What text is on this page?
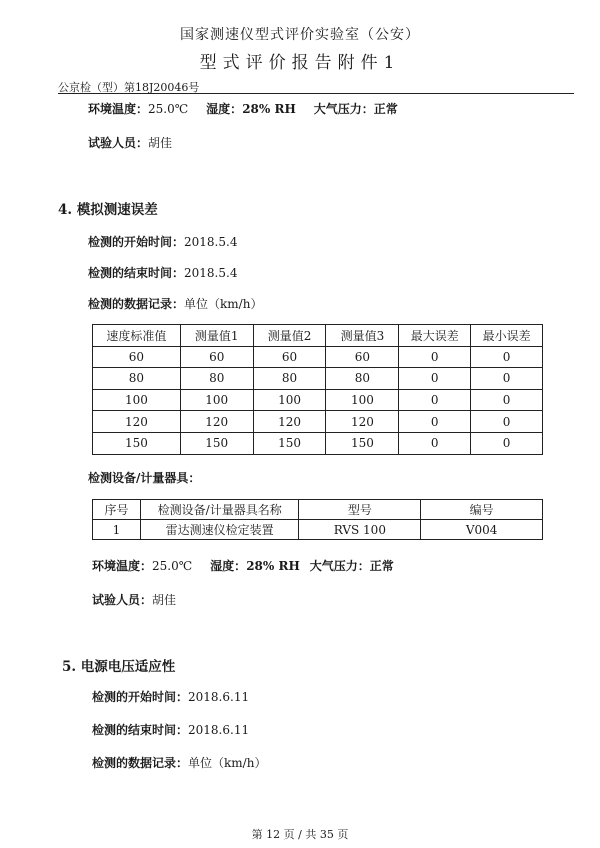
国家测速仪型式评价实验室（公安）
型式评价报告附件1
公京检（型）第18J20046号
环境温度：25.0℃ 湿度：28% RH 大气压力：正常
试验人员：胡佳
4. 模拟测速误差
检测的开始时间：2018.5.4
检测的结束时间：2018.5.4
检测的数据记录：单位（km/h）
速度标准值	测量值1	测量值2	测量值3	最大误差	最小误差
60	60	60	60	0	0
80	80	80	80	0	0
100	100	100	100	0	0
120	120	120	120	0	0
150	150	150	150	0	0
检测设备/计量器具：
序号	检测设备/计量器具名称	型号	编号
1	雷达测速仪检定装置	RVS 100	V004
环境温度：25.0℃ 湿度：28% RH 大气压力：正常
试验人员：胡佳
5. 电源电压适应性
检测的开始时间：2018.6.11
检测的结束时间：2018.6.11
检测的数据记录：单位（km/h）
第 12 页 / 共 35 页
